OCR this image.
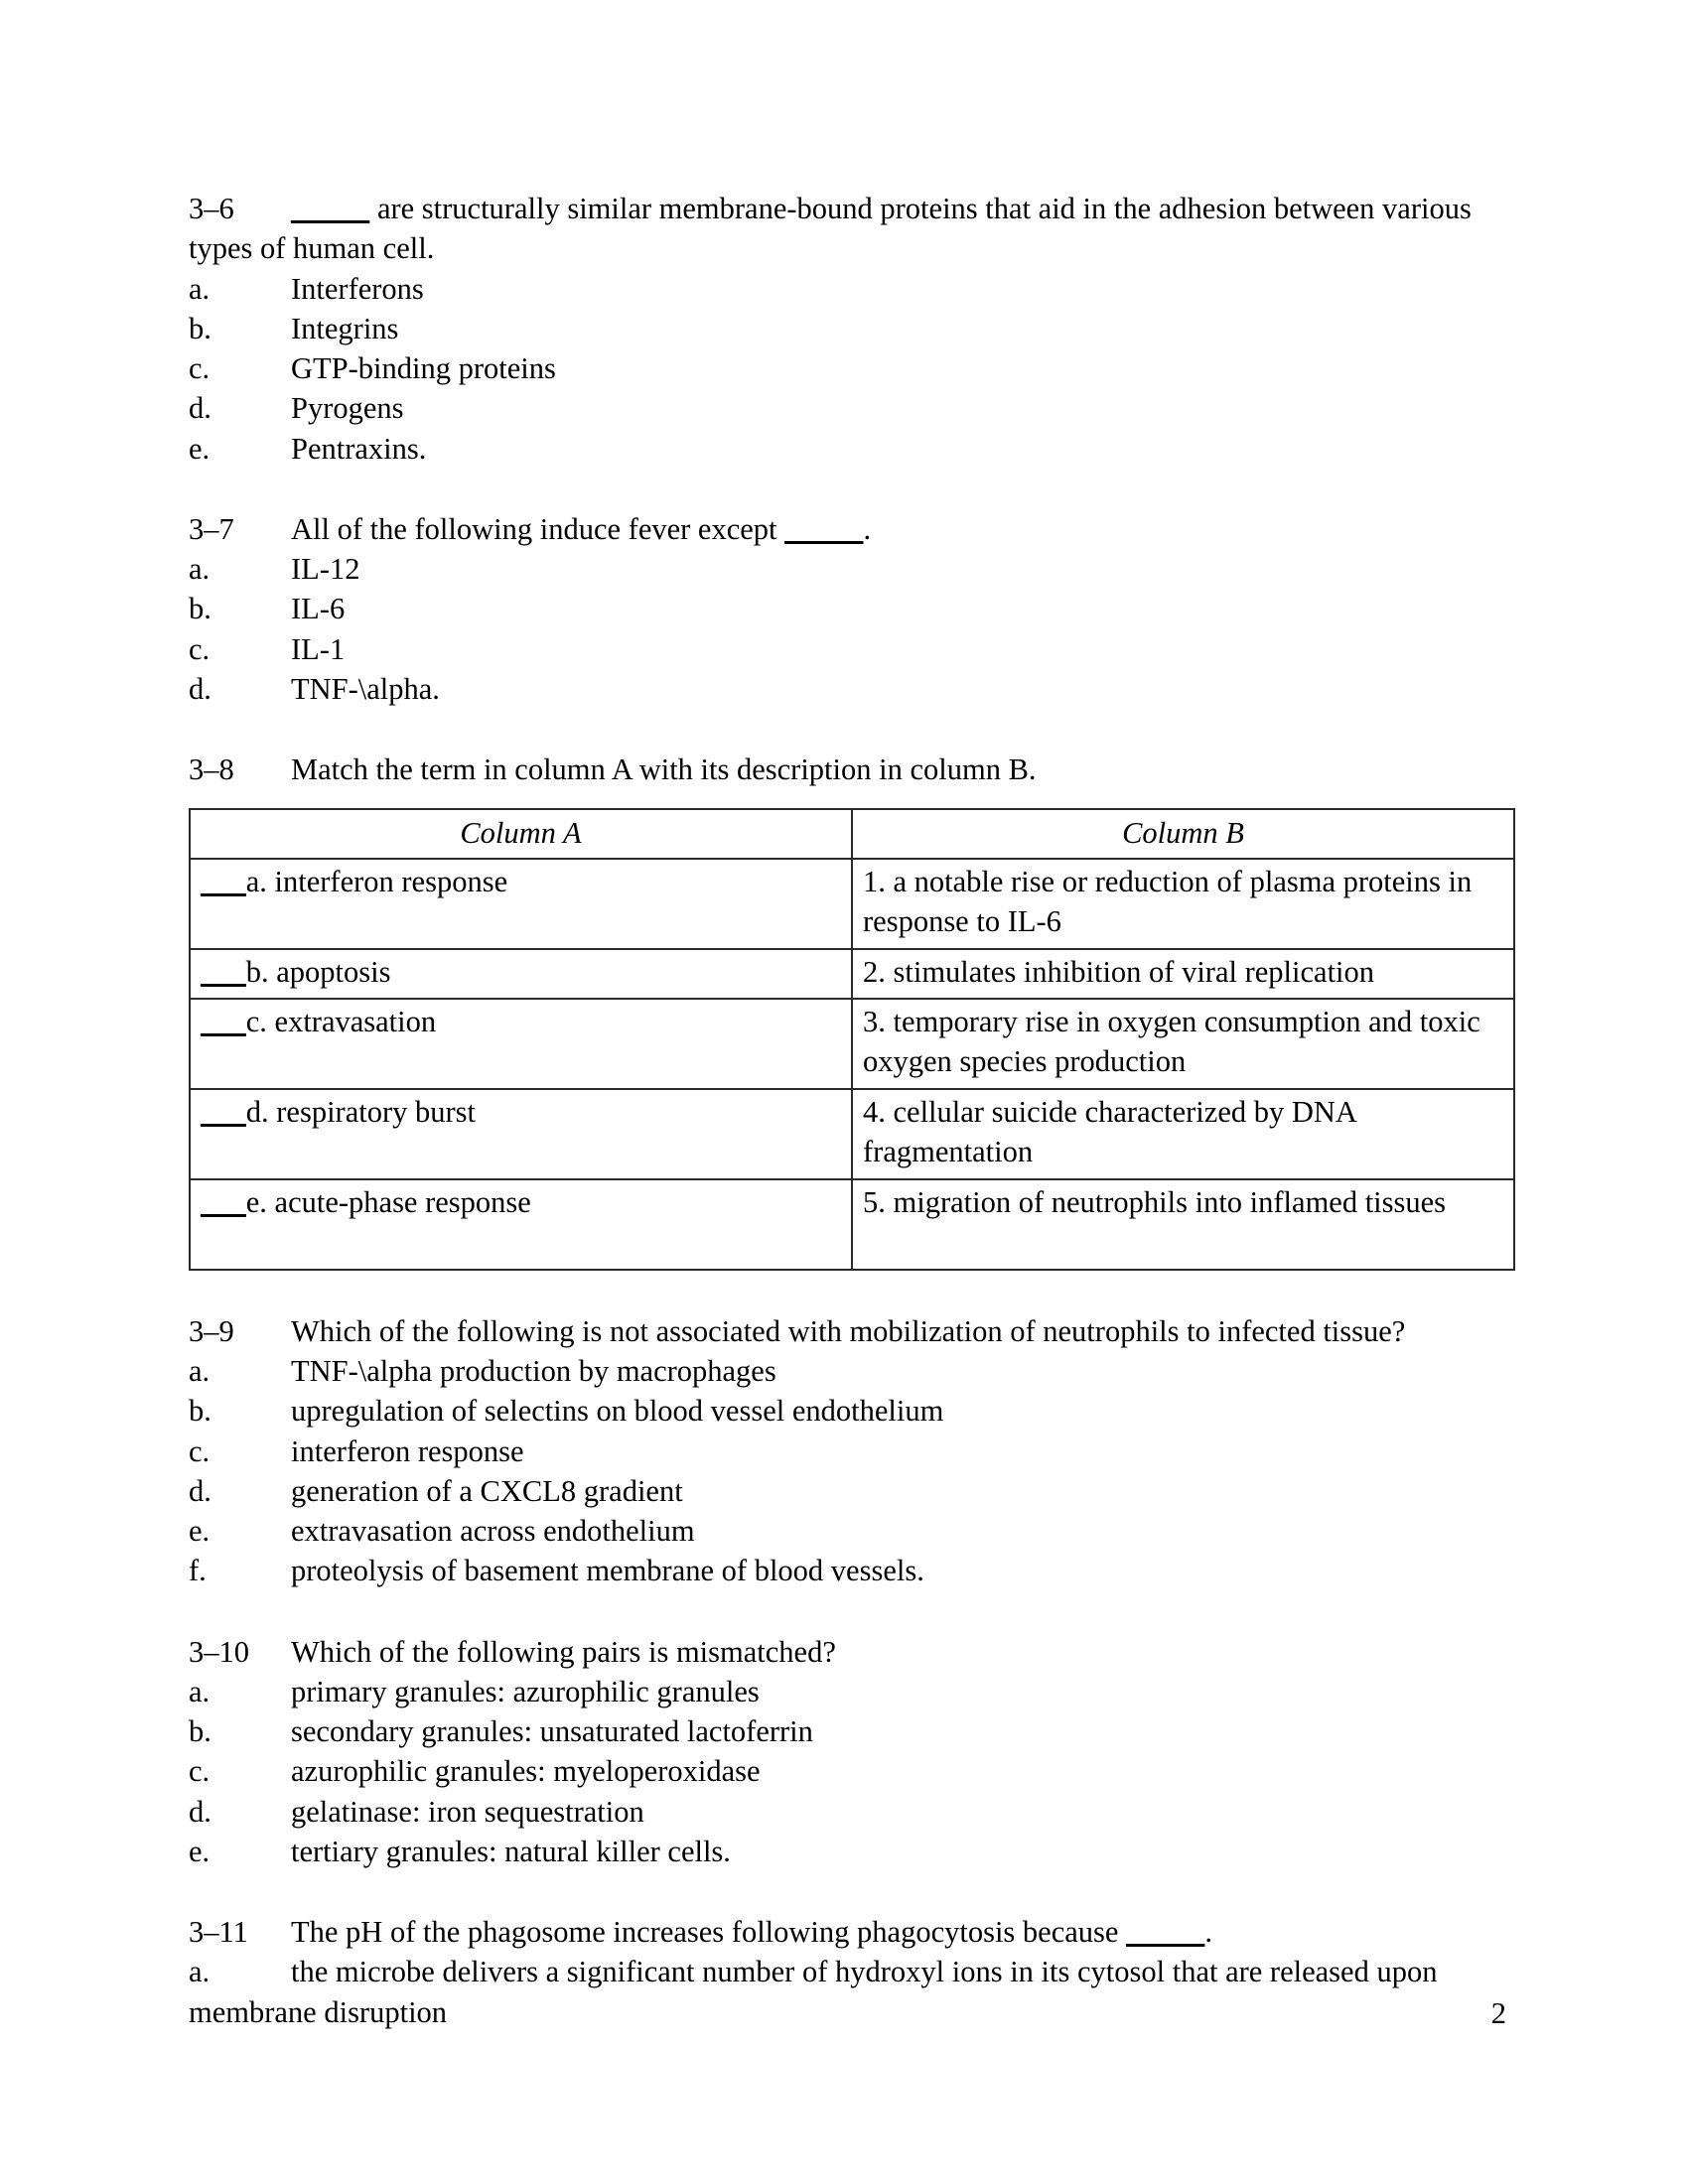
3–6 _____ are structurally similar membrane-bound proteins that aid in the adhesion between various types of human cell.

a.	Interferons

b.	Integrins

c.	GTP-binding proteins

d.	Pyrogens

e.	Pentraxins.

3–7 All of the following induce fever except _____.

a.	IL-12

b.	IL-6

c.	IL-1

d.	TNF-\alpha.

3–8 Match the term in column A with its description in column B.

Column A	Column B
___a. interferon response	1. a notable rise or reduction of plasma proteins in response to IL-6
___b. apoptosis	2. stimulates inhibition of viral replication
___c. extravasation	3. temporary rise in oxygen consumption and toxic oxygen species production
___d. respiratory burst	4. cellular suicide characterized by DNA fragmentation
___e. acute-phase response	5. migration of neutrophils into inflamed tissues

3–9 Which of the following is not associated with mobilization of neutrophils to infected tissue?

a.	TNF-\alpha production by macrophages

b.	upregulation of selectins on blood vessel endothelium

c.	interferon response

d.	generation of a CXCL8 gradient

e.	extravasation across endothelium

f.	proteolysis of basement membrane of blood vessels.

3–10 Which of the following pairs is mismatched?

a.	primary granules: azurophilic granules

b.	secondary granules: unsaturated lactoferrin

c.	azurophilic granules: myeloperoxidase

d.	gelatinase: iron sequestration

e.	tertiary granules: natural killer cells.

3–11 The pH of the phagosome increases following phagocytosis because _____.

a.	the microbe delivers a significant number of hydroxyl ions in its cytosol that are released upon membrane disruption	2
